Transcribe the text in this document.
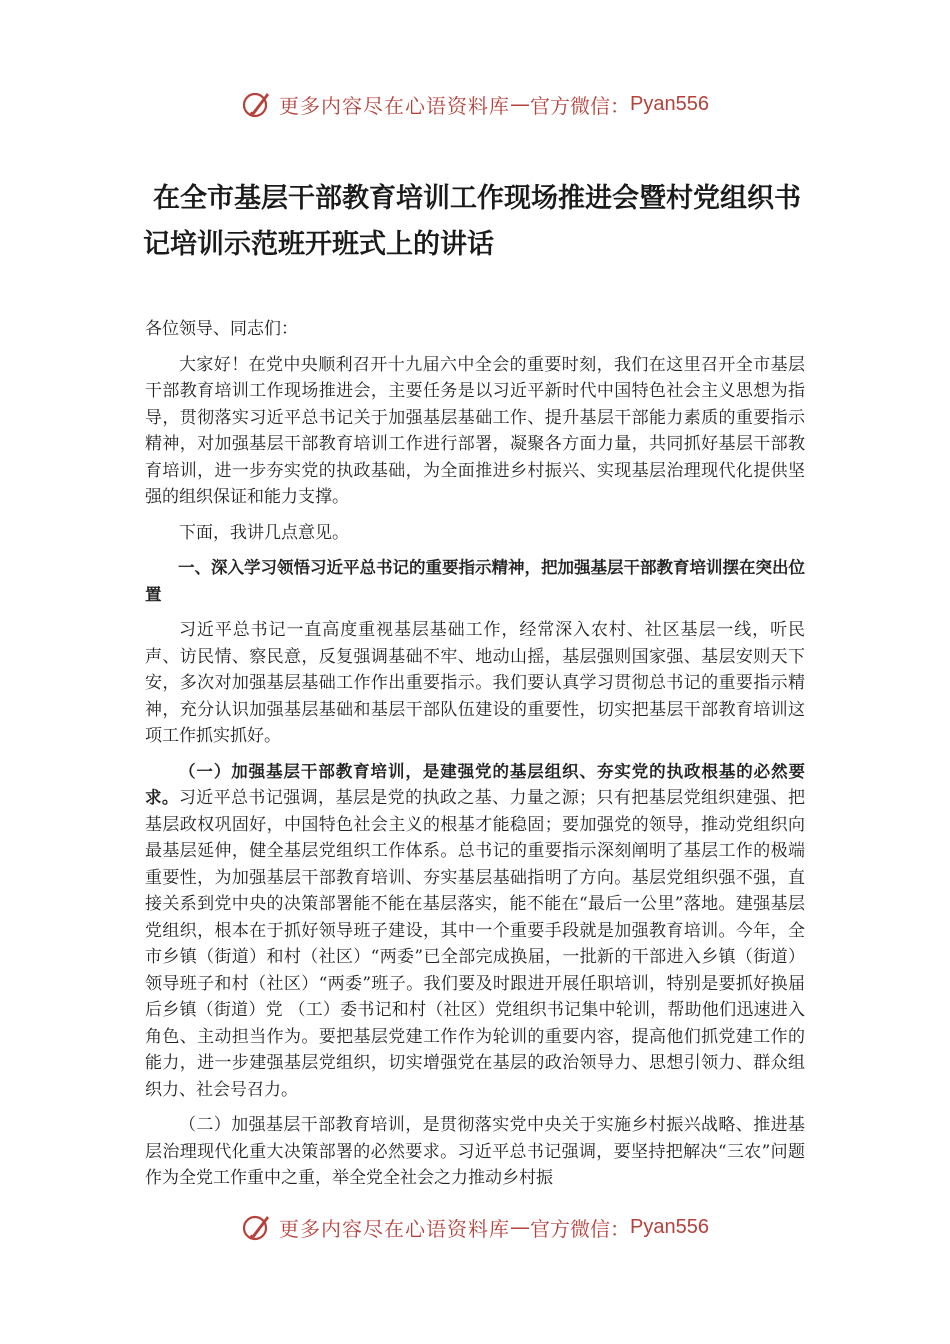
更多内容尽在心语资料库 — 官方微信： Pyan556
在全市基层干部教育培训工作现场推进会暨村党组织书记培训示范班开班式上的讲话

各位领导、同志们：

大家好！在党中央顺利召开十九届六中全会的重要时刻，我们在这里召开全市基层干部教育培训工作现场推进会，主要任务是以习近平新时代中国特色社会主义思想为指导，贯彻落实习近平总书记关于加强基层基础工作、提升基层干部能力素质的重要指示精神，对加强基层干部教育培训工作进行部署，凝聚各方面力量，共同抓好基层干部教育培训，进一步夯实党的执政基础，为全面推进乡村振兴、实现基层治理现代化提供坚强的组织保证和能力支撑。

下面，我讲几点意见。

一、深入学习领悟习近平总书记的重要指示精神，把加强基层干部教育培训摆在突出位置

习近平总书记一直高度重视基层基础工作，经常深入农村、社区基层一线，听民声、访民情、察民意，反复强调基础不牢、地动山摇，基层强则国家强、基层安则天下安，多次对加强基层基础工作作出重要指示。我们要认真学习贯彻总书记的重要指示精神，充分认识加强基层基础和基层干部队伍建设的重要性，切实把基层干部教育培训这项工作抓实抓好。

（一）加强基层干部教育培训，是建强党的基层组织、夯实党的执政根基的必然要求。习近平总书记强调，基层是党的执政之基、力量之源；只有把基层党组织建强、把基层政权巩固好，中国特色社会主义的根基才能稳固；要加强党的领导，推动党组织向最基层延伸，健全基层党组织工作体系。总书记的重要指示深刻阐明了基层工作的极端重要性，为加强基层干部教育培训、夯实基层基础指明了方向。基层党组织强不强，直接关系到党中央的决策部署能不能在基层落实，能不能在“最后一公里”落地。建强基层党组织，根本在于抓好领导班子建设，其中一个重要手段就是加强教育培训。今年，全市乡镇（街道）和村（社区）“两委”已全部完成换届，一批新的干部进入乡镇（街道）领导班子和村（社区）“两委”班子。我们要及时跟进开展任职培训，特别是要抓好换届后乡镇（街道）党 （工）委书记和村（社区）党组织书记集中轮训，帮助他们迅速进入角色、主动担当作为。要把基层党建工作作为轮训的重要内容，提高他们抓党建工作的能力，进一步建强基层党组织，切实增强党在基层的政治领导力、思想引领力、群众组织力、社会号召力。

（二）加强基层干部教育培训，是贯彻落实党中央关于实施乡村振兴战略、推进基层治理现代化重大决策部署的必然要求。习近平总书记强调，要坚持把解决“三农”问题作为全党工作重中之重，举全党全社会之力推动乡村振

更多内容尽在心语资料库 — 官方微信： Pyan556
